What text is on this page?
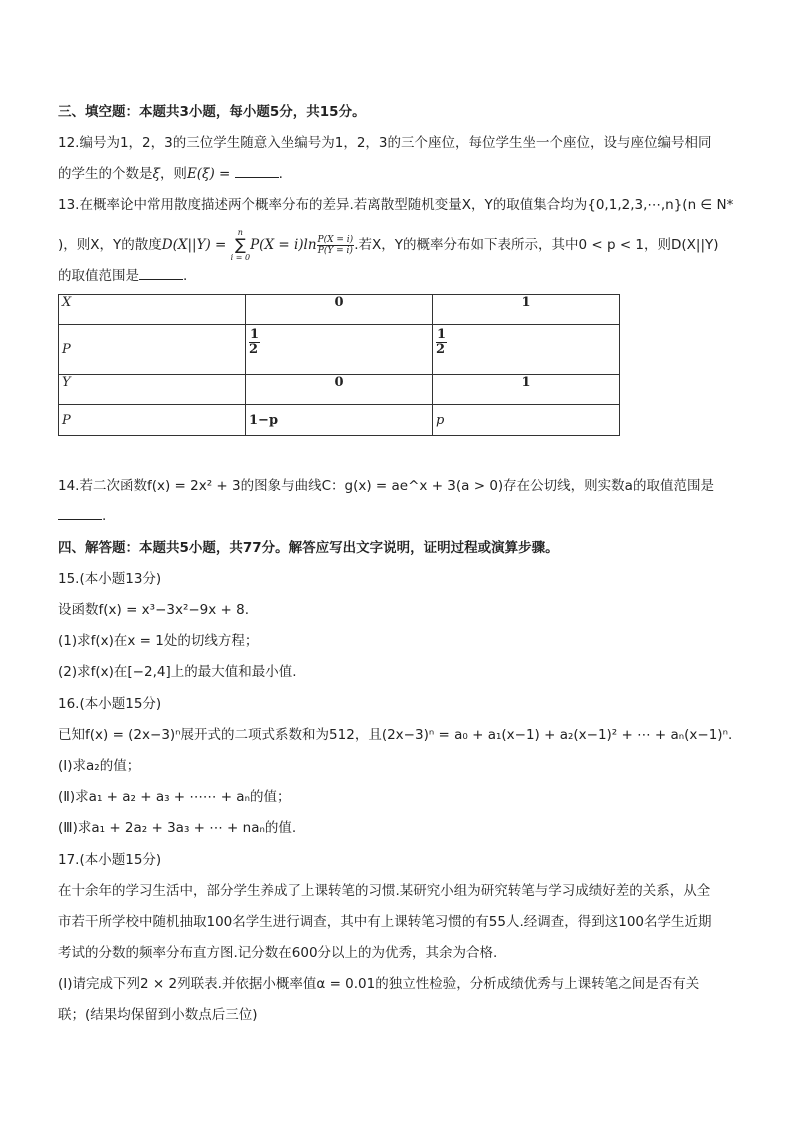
三、填空题：本题共3小题，每小题5分，共15分。
12.编号为1，2，3的三位学生随意入坐编号为1，2，3的三个座位，每位学生坐一个座位，设与座位编号相同
的学生的个数是ξ，则E(ξ) =	.
13.在概率论中常用散度描述两个概率分布的差异.若离散型随机变量X，Y的取值集合均为{0,1,2,3,⋯,n}(n ∈ N*
)，则X，Y的散度D(X||Y) =
n
∑
i = 0
$P(X = i)\ln \frac{P(X = i)}{P(Y = i)}$ .若X，Y的概率分布如下表所示，其中0 < p < 1，则D(X||Y)
的取值范围是	.
X	0	1
P	$\frac{1}{2}$	$\frac{1}{2}$

Y	0	1
P	1−p	p
14.若二次函数f(x) = 2x² + 3的图象与曲线C：g(x) = ae^x + 3(a > 0)存在公切线，则实数a的取值范围是
.
四、解答题：本题共5小题，共77分。解答应写出文字说明，证明过程或演算步骤。
15.(本小题13分)
设函数f(x) = x³−3x²−9x + 8.
(1)求f(x)在x = 1处的切线方程；
(2)求f(x)在[−2,4]上的最大值和最小值.
16.(本小题15分)
已知f(x) = (2x−3)ⁿ展开式的二项式系数和为512，且(2x−3)ⁿ = a₀ + a₁(x−1) + a₂(x−1)² + ⋯ + aₙ(x−1)ⁿ.
(Ⅰ)求a₂的值；
(Ⅱ)求a₁ + a₂ + a₃ + ⋯⋯ + aₙ的值；
(Ⅲ)求a₁ + 2a₂ + 3a₃ + ⋯ + naₙ的值.
17.(本小题15分)
在十余年的学习生活中，部分学生养成了上课转笔的习惯.某研究小组为研究转笔与学习成绩好差的关系，从全
市若干所学校中随机抽取100名学生进行调查，其中有上课转笔习惯的有55人.经调查，得到这100名学生近期
考试的分数的频率分布直方图.记分数在600分以上的为优秀，其余为合格.
(Ⅰ)请完成下列2 × 2列联表.并依据小概率值α = 0.01的独立性检验，分析成绩优秀与上课转笔之间是否有关
联；(结果均保留到小数点后三位)
